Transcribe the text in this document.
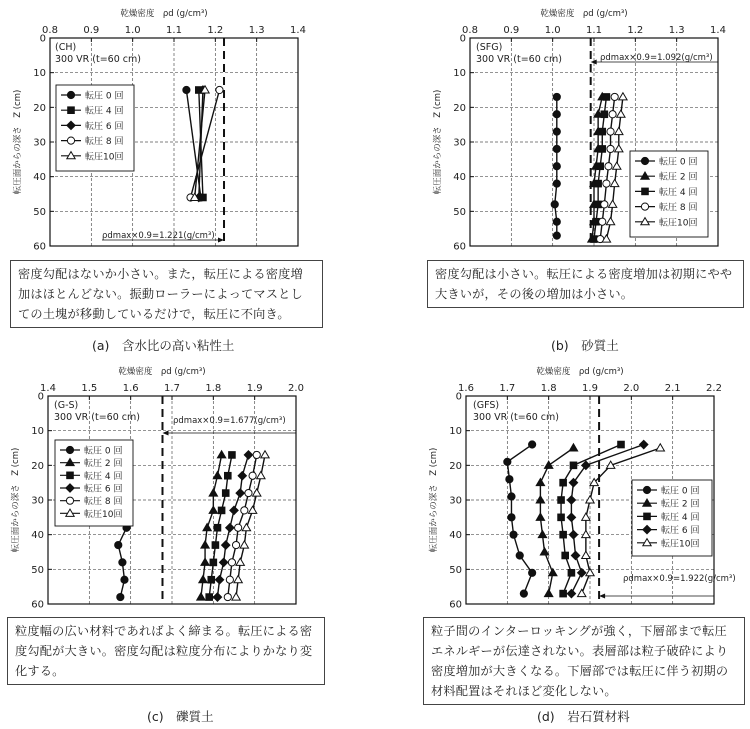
0.8	0.9	1.0	1.1	1.2	1.3	1.4
0
10
20
30
40
50
60
乾燥密度　ρd (g/cm³)
転圧面からの深さ　Z (cm)
(CH)
300 VR (t=60 cm)
ρdmax×0.9=1.221(g/cm³)
転圧 0 回
転圧 4 回
転圧 6 回
転圧 8 回
転圧10回
密度勾配はないか小さい。また，転圧による密度増加はほとんどない。振動ローラーによってマスとしての土塊が移動しているだけで，転圧に不向き。
(a)　含水比の高い粘性土
0.8	0.9	1.0	1.1	1.2	1.3	1.4
0
10
20
30
40
50
60
乾燥密度　ρd (g/cm³)
転圧面からの深さ　Z (cm)
(SFG)
300 VR (t=60 cm)	ρdmax×0.9=1.092(g/cm³)
転圧 0 回
転圧 2 回
転圧 4 回
転圧 8 回
転圧10回
密度勾配は小さい。転圧による密度増加は初期にやや大きいが，その後の増加は小さい。
(b)　砂質土
1.4	1.5	1.6	1.7	1.8	1.9	2.0
0
10
20
30
40
50
60
乾燥密度　ρd (g/cm³)
転圧面からの深さ　Z (cm)
(G-S)
300 VR (t=60 cm)	ρdmax×0.9=1.677(g/cm³)
転圧 0 回
転圧 2 回
転圧 4 回
転圧 6 回
転圧 8 回
転圧10回
粒度幅の広い材料であればよく締まる。転圧による密度勾配が大きい。密度勾配は粒度分布によりかなり変化する。
(c)　礫質土
1.6	1.7	1.8	1.9	2.0	2.1	2.2
0
10
20
30
40
50
60
乾燥密度　ρd (g/cm³)
転圧面からの深さ　Z (cm)
(GFS)
300 VR (t=60 cm)
ρdmax×0.9=1.922(g/cm³)
転圧 0 回
転圧 2 回
転圧 4 回
転圧 6 回
転圧10回
粒子間のインターロッキングが強く，下層部まで転圧エネルギーが伝達されない。表層部は粒子破砕により密度増加が大きくなる。下層部では転圧に伴う初期の材料配置はそれほど変化しない。
(d)　岩石質材料
